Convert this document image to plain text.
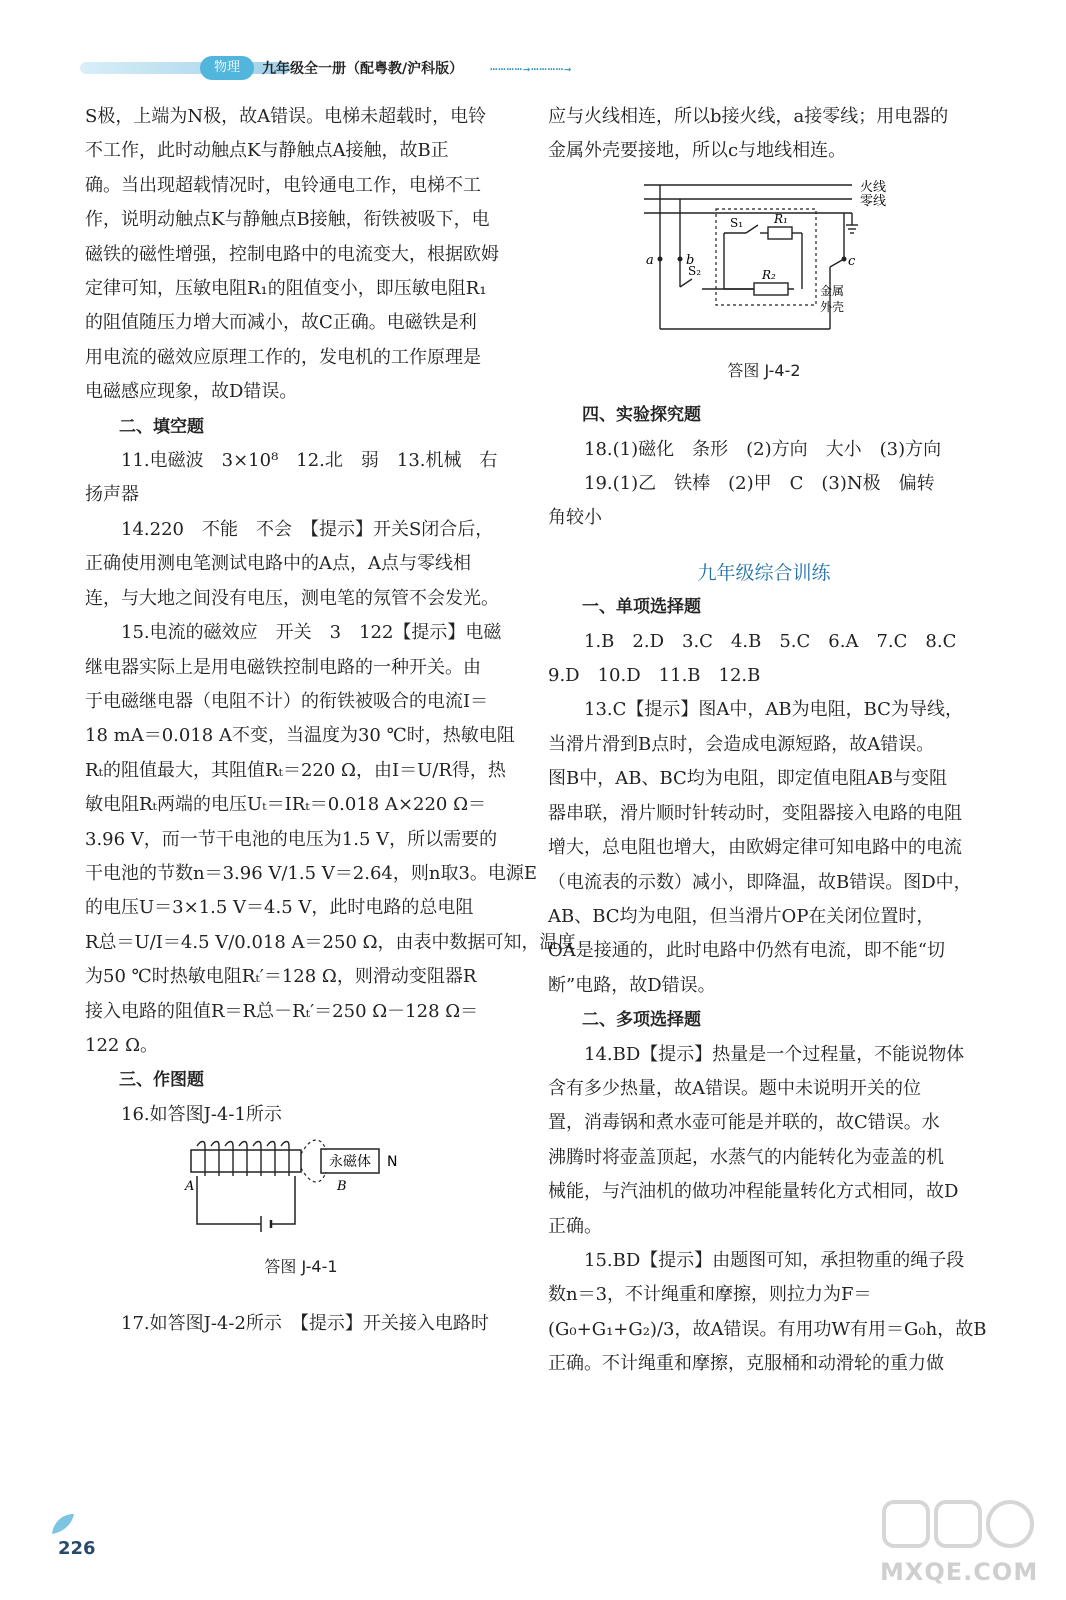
物理	九年级全一册（配粤教/沪科版） ⋯⋯⋯⋯→⋯⋯⋯⋯→

S极，上端为N极，故A错误。电梯未超载时，电铃

不工作，此时动触点K与静触点A接触，故B正

确。当出现超载情况时，电铃通电工作，电梯不工

作，说明动触点K与静触点B接触，衔铁被吸下，电

磁铁的磁性增强，控制电路中的电流变大，根据欧姆

定律可知，压敏电阻R₁的阻值变小，即压敏电阻R₁

的阻值随压力增大而减小，故C正确。电磁铁是利

用电流的磁效应原理工作的，发电机的工作原理是

电磁感应现象，故D错误。

二、填空题

11.电磁波　3×10⁸　12.北　弱　13.机械　右

扬声器

14.220　不能　不会　【提示】开关S闭合后，

正确使用测电笔测试电路中的A点，A点与零线相

连，与大地之间没有电压，测电笔的氖管不会发光。

15.电流的磁效应　开关　3　122【提示】电磁

继电器实际上是用电磁铁控制电路的一种开关。由

于电磁继电器（电阻不计）的衔铁被吸合的电流I＝

18 mA＝0.018 A不变，当温度为30 ℃时，热敏电阻

Rₜ的阻值最大，其阻值Rₜ＝220 Ω，由I＝U/R得，热

敏电阻Rₜ两端的电压Uₜ＝IRₜ＝0.018 A×220 Ω＝

3.96 V，而一节干电池的电压为1.5 V，所以需要的

干电池的节数n＝3.96 V/1.5 V＝2.64，则n取3。电源E

的电压U＝3×1.5 V＝4.5 V，此时电路的总电阻

R总＝U/I＝4.5 V/0.018 A＝250 Ω，由表中数据可知，温度

为50 ℃时热敏电阻Rₜ′＝128 Ω，则滑动变阻器R

接入电路的阻值R＝R总－Rₜ′＝250 Ω－128 Ω＝

122 Ω。

三、作图题

16.如答图J-4-1所示

永磁体 N
A	B

答图 J-4-1

17.如答图J-4-2所示　【提示】开关接入电路时

应与火线相连，所以b接火线，a接零线；用电器的

金属外壳要接地，所以c与地线相连。

火线
零线
a b	c
S₁
S₂
R₁
R₂
金属
外壳

答图 J-4-2

四、实验探究题

18.(1)磁化　条形　(2)方向　大小　(3)方向

19.(1)乙　铁棒　(2)甲　C　(3)N极　偏转

角较小

九年级综合训练

一、单项选择题

1.B　2.D　3.C　4.B　5.C　6.A　7.C　8.C

9.D　10.D　11.B　12.B

13.C【提示】图A中，AB为电阻，BC为导线，

当滑片滑到B点时，会造成电源短路，故A错误。

图B中，AB、BC均为电阻，即定值电阻AB与变阻

器串联，滑片顺时针转动时，变阻器接入电路的电阻

增大，总电阻也增大，由欧姆定律可知电路中的电流

（电流表的示数）减小，即降温，故B错误。图D中，

AB、BC均为电阻，但当滑片OP在关闭位置时，

OA是接通的，此时电路中仍然有电流，即不能“切

断”电路，故D错误。

二、多项选择题

14.BD【提示】热量是一个过程量，不能说物体

含有多少热量，故A错误。题中未说明开关的位

置，消毒锅和煮水壶可能是并联的，故C错误。水

沸腾时将壶盖顶起，水蒸气的内能转化为壶盖的机

械能，与汽油机的做功冲程能量转化方式相同，故D

正确。

15.BD【提示】由题图可知，承担物重的绳子段

数n＝3，不计绳重和摩擦，则拉力为F＝

(G₀+G₁+G₂)/3，故A错误。有用功W有用＝G₀h，故B

正确。不计绳重和摩擦，克服桶和动滑轮的重力做

226
MXQE.COM
